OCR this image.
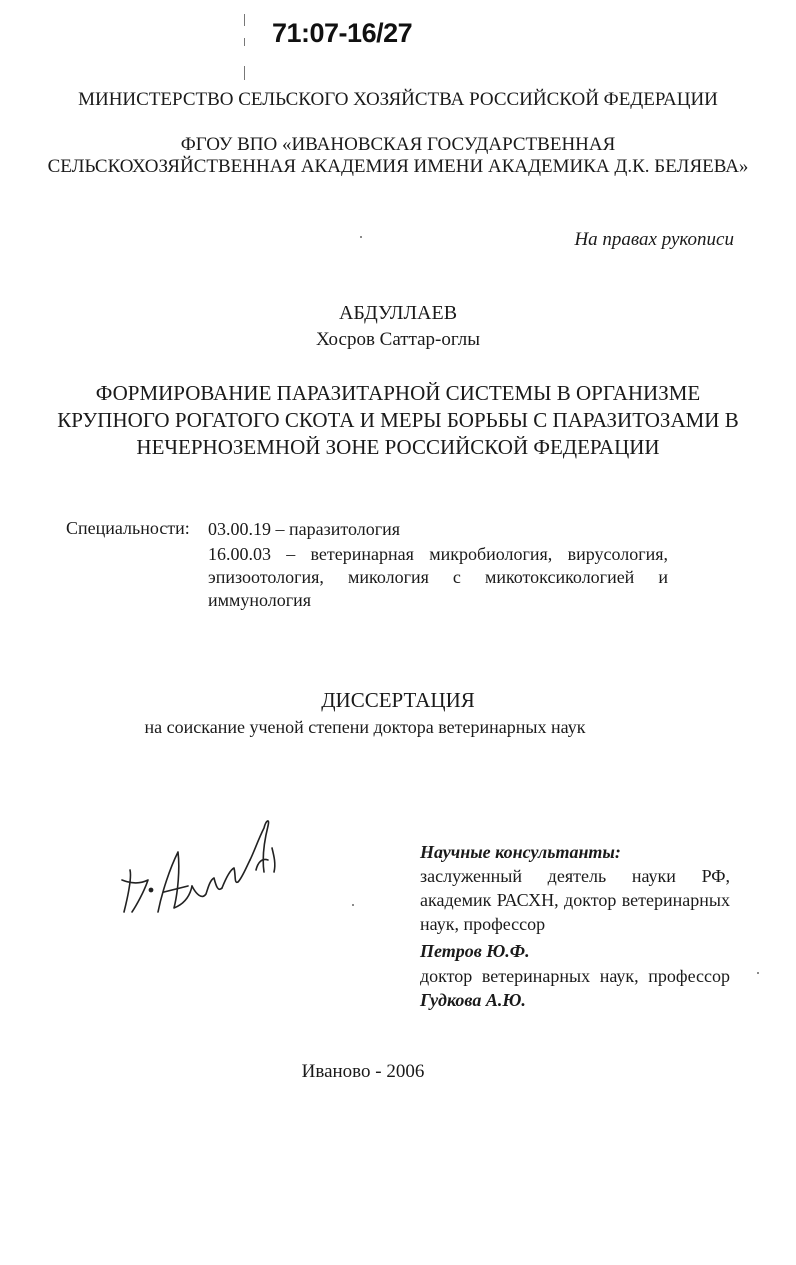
71:07-16/27
МИНИСТЕРСТВО СЕЛЬСКОГО ХОЗЯЙСТВА РОССИЙСКОЙ ФЕДЕРАЦИИ
ФГОУ ВПО «ИВАНОВСКАЯ ГОСУДАРСТВЕННАЯ
СЕЛЬСКОХОЗЯЙСТВЕННАЯ АКАДЕМИЯ ИМЕНИ АКАДЕМИКА Д.К. БЕЛЯЕВА»
На правах рукописи
АБДУЛЛАЕВ
Хосров Саттар-оглы
ФОРМИРОВАНИЕ ПАРАЗИТАРНОЙ СИСТЕМЫ В ОРГАНИЗМЕ
КРУПНОГО РОГАТОГО СКОТА И МЕРЫ БОРЬБЫ С ПАРАЗИТОЗАМИ В
НЕЧЕРНОЗЕМНОЙ ЗОНЕ РОССИЙСКОЙ ФЕДЕРАЦИИ
Специальности: 03.00.19 – паразитология
16.00.03 – ветеринарная микробиология, вирусология, эпизоотология, микология с микотоксикологией и иммунология
ДИССЕРТАЦИЯ
на соискание ученой степени доктора ветеринарных наук
Научные консультанты:
заслуженный деятель науки РФ, академик РАСХН, доктор ветеринарных наук, профессор
Петров Ю.Ф.
доктор ветеринарных наук, профессор Гудкова А.Ю.
Иваново - 2006
